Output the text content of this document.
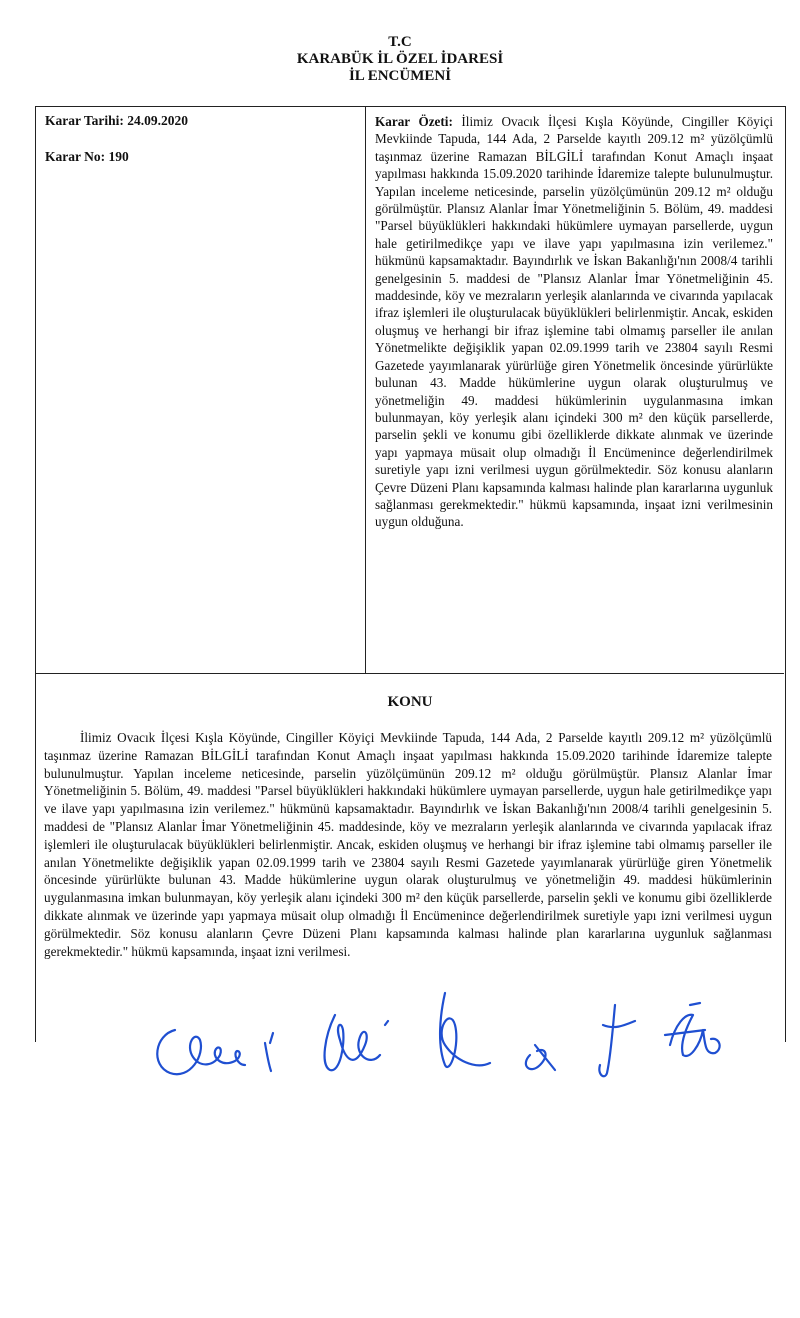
T.C
KARABÜK İL ÖZEL İDARESİ
İL ENCÜMENİ
Karar Tarihi: 24.09.2020
Karar No: 190
Karar Özeti: İlimiz Ovacık İlçesi Kışla Köyünde, Cingiller Köyiçi Mevkiinde Tapuda, 144 Ada, 2 Parselde kayıtlı 209.12 m² yüzölçümlü taşınmaz üzerine Ramazan BİLGİLİ tarafından Konut Amaçlı inşaat yapılması hakkında 15.09.2020 tarihinde İdaremize talepte bulunulmuştur. Yapılan inceleme neticesinde, parselin yüzölçümünün 209.12 m² olduğu görülmüştür. Plansız Alanlar İmar Yönetmeliğinin 5. Bölüm, 49. maddesi "Parsel büyüklükleri hakkındaki hükümlere uymayan parsellerde, uygun hale getirilmedikçe yapı ve ilave yapı yapılmasına izin verilemez." hükmünü kapsamaktadır. Bayındırlık ve İskan Bakanlığı'nın 2008/4 tarihli genelgesinin 5. maddesi de "Plansız Alanlar İmar Yönetmeliğinin 45. maddesinde, köy ve mezraların yerleşik alanlarında ve civarında yapılacak ifraz işlemleri ile oluşturulacak büyüklükleri belirlenmiştir. Ancak, eskiden oluşmuş ve herhangi bir ifraz işlemine tabi olmamış parseller ile anılan Yönetmelikte değişiklik yapan 02.09.1999 tarih ve 23804 sayılı Resmi Gazetede yayımlanarak yürürlüğe giren Yönetmelik öncesinde yürürlükte bulunan 43. Madde hükümlerine uygun olarak oluşturulmuş ve yönetmeliğin 49. maddesi hükümlerinin uygulanmasına imkan bulunmayan, köy yerleşik alanı içindeki 300 m² den küçük parsellerde, parselin şekli ve konumu gibi özelliklerde dikkate alınmak ve üzerinde yapı yapmaya müsait olup olmadığı İl Encümenince değerlendirilmek suretiyle yapı izni verilmesi uygun görülmektedir. Söz konusu alanların Çevre Düzeni Planı kapsamında kalması halinde plan kararlarına uygunluk sağlanması gerekmektedir." hükmü kapsamında, inşaat izni verilmesinin uygun olduğuna.
KONU
İlimiz Ovacık İlçesi Kışla Köyünde, Cingiller Köyiçi Mevkiinde Tapuda, 144 Ada, 2 Parselde kayıtlı 209.12 m² yüzölçümlü taşınmaz üzerine Ramazan BİLGİLİ tarafından Konut Amaçlı inşaat yapılması hakkında 15.09.2020 tarihinde İdaremize talepte bulunulmuştur. Yapılan inceleme neticesinde, parselin yüzölçümünün 209.12 m² olduğu görülmüştür. Plansız Alanlar İmar Yönetmeliğinin 5. Bölüm, 49. maddesi "Parsel büyüklükleri hakkındaki hükümlere uymayan parsellerde, uygun hale getirilmedikçe yapı ve ilave yapı yapılmasına izin verilemez." hükmünü kapsamaktadır. Bayındırlık ve İskan Bakanlığı'nın 2008/4 tarihli genelgesinin 5. maddesi de "Plansız Alanlar İmar Yönetmeliğinin 45. maddesinde, köy ve mezraların yerleşik alanlarında ve civarında yapılacak ifraz işlemleri ile oluşturulacak büyüklükleri belirlenmiştir. Ancak, eskiden oluşmuş ve herhangi bir ifraz işlemine tabi olmamış parseller ile anılan Yönetmelikte değişiklik yapan 02.09.1999 tarih ve 23804 sayılı Resmi Gazetede yayımlanarak yürürlüğe giren Yönetmelik öncesinde yürürlükte bulunan 43. Madde hükümlerine uygun olarak oluşturulmuş ve yönetmeliğin 49. maddesi hükümlerinin uygulanmasına imkan bulunmayan, köy yerleşik alanı içindeki 300 m² den küçük parsellerde, parselin şekli ve konumu gibi özelliklerde dikkate alınmak ve üzerinde yapı yapmaya müsait olup olmadığı İl Encümenince değerlendirilmek suretiyle yapı izni verilmesi uygun görülmektedir. Söz konusu alanların Çevre Düzeni Planı kapsamında kalması halinde plan kararlarına uygunluk sağlanması gerekmektedir." hükmü kapsamında, inşaat izni verilmesi.
